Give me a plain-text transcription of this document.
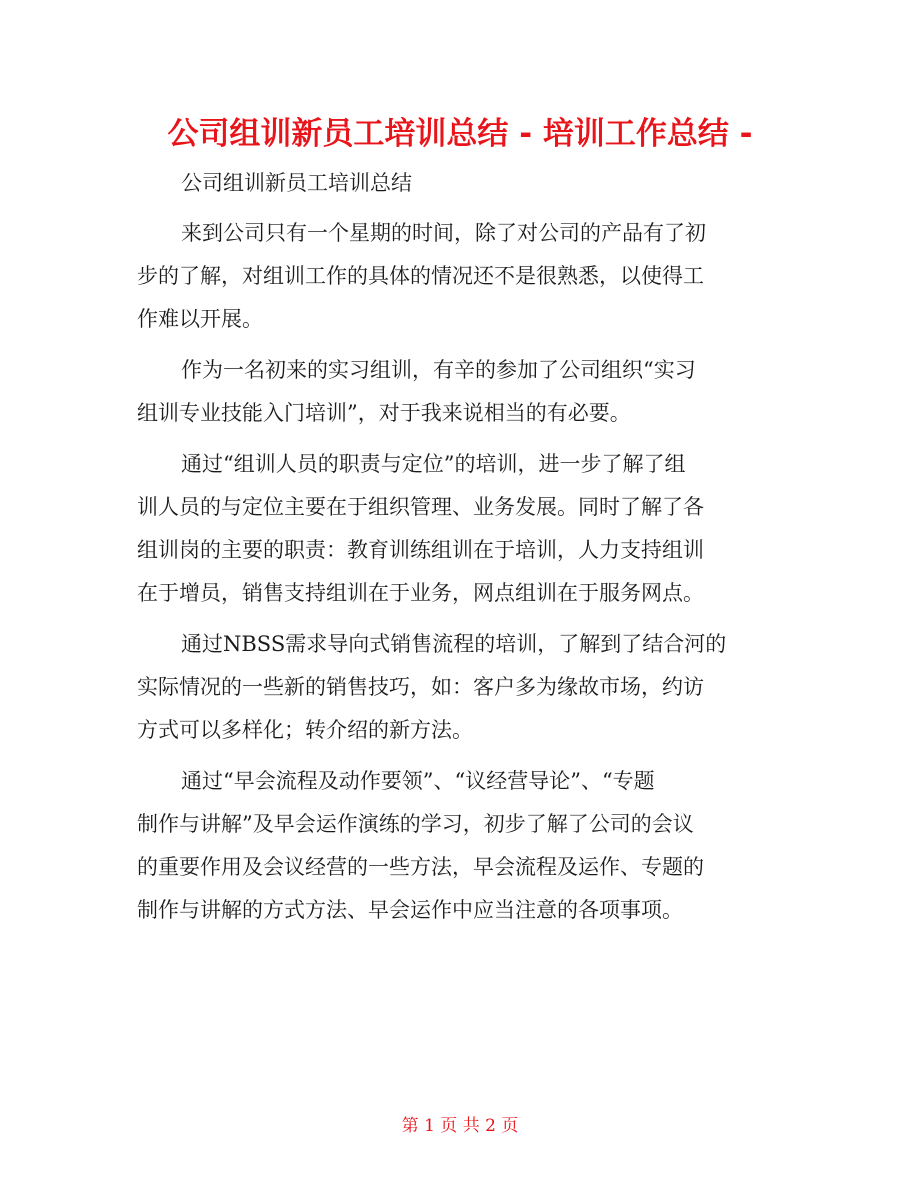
公司组训新员工培训总结 - 培训工作总结 -

公司组训新员工培训总结

来到公司只有一个星期的时间，除了对公司的产品有了初
步的了解，对组训工作的具体的情况还不是很熟悉，以使得工
作难以开展。

作为一名初来的实习组训，有辛的参加了公司组织“实习
组训专业技能入门培训”，对于我来说相当的有必要。

通过“组训人员的职责与定位”的培训，进一步了解了组
训人员的与定位主要在于组织管理、业务发展。同时了解了各
组训岗的主要的职责：教育训练组训在于培训，人力支持组训
在于增员，销售支持组训在于业务，网点组训在于服务网点。

通过NBSS需求导向式销售流程的培训，了解到了结合河的
实际情况的一些新的销售技巧，如：客户多为缘故市场，约访
方式可以多样化；转介绍的新方法。

通过“早会流程及动作要领”、“议经营导论”、“专题
制作与讲解”及早会运作演练的学习，初步了解了公司的会议
的重要作用及会议经营的一些方法，早会流程及运作、专题的
制作与讲解的方式方法、早会运作中应当注意的各项事项。

第 1 页 共 2 页
